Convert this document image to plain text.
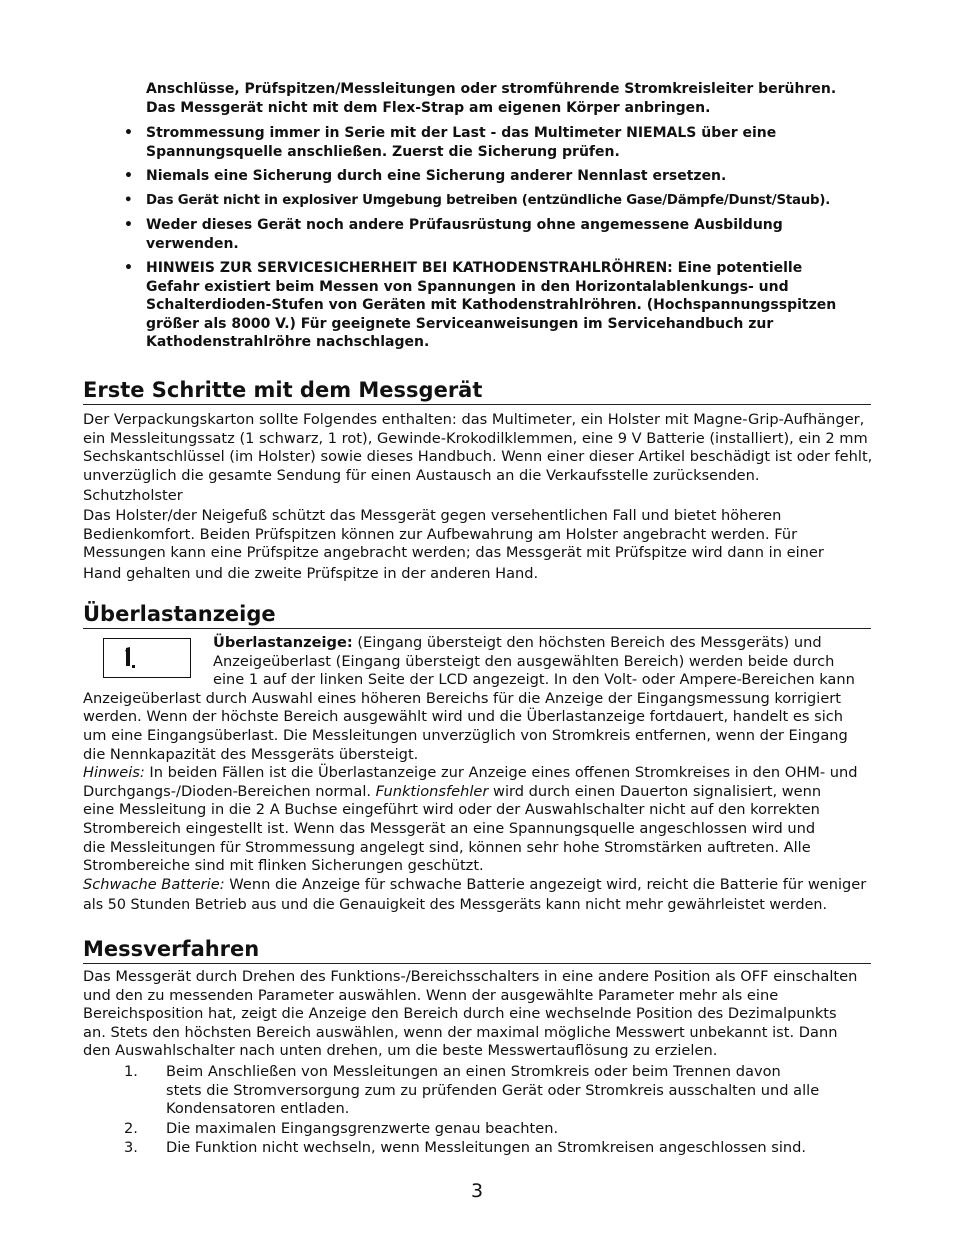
Anschlüsse, Prüfspitzen/Messleitungen oder stromführende Stromkreisleiter berühren.
Das Messgerät nicht mit dem Flex-Strap am eigenen Körper anbringen.
• Strommessung immer in Serie mit der Last - das Multimeter NIEMALS über eine
Spannungsquelle anschließen. Zuerst die Sicherung prüfen.
• Niemals eine Sicherung durch eine Sicherung anderer Nennlast ersetzen.
• Das Gerät nicht in explosiver Umgebung betreiben (entzündliche Gase/Dämpfe/Dunst/Staub).
• Weder dieses Gerät noch andere Prüfausrüstung ohne angemessene Ausbildung
verwenden.
• HINWEIS ZUR SERVICESICHERHEIT BEI KATHODENSTRAHLRÖHREN: Eine potentielle
Gefahr existiert beim Messen von Spannungen in den Horizontalablenkungs- und
Schalterdioden-Stufen von Geräten mit Kathodenstrahlröhren. (Hochspannungsspitzen
größer als 8000 V.) Für geeignete Serviceanweisungen im Servicehandbuch zur
Kathodenstrahlröhre nachschlagen.
Erste Schritte mit dem Messgerät
Der Verpackungskarton sollte Folgendes enthalten: das Multimeter, ein Holster mit Magne-Grip-Aufhänger,
ein Messleitungssatz (1 schwarz, 1 rot), Gewinde-Krokodilklemmen, eine 9 V Batterie (installiert), ein 2 mm
Sechskantschlüssel (im Holster) sowie dieses Handbuch. Wenn einer dieser Artikel beschädigt ist oder fehlt,
unverzüglich die gesamte Sendung für einen Austausch an die Verkaufsstelle zurücksenden.
Schutzholster
Das Holster/der Neigefuß schützt das Messgerät gegen versehentlichen Fall und bietet höheren
Bedienkomfort. Beiden Prüfspitzen können zur Aufbewahrung am Holster angebracht werden. Für
Messungen kann eine Prüfspitze angebracht werden; das Messgerät mit Prüfspitze wird dann in einer
Hand gehalten und die zweite Prüfspitze in der anderen Hand.
Überlastanzeige
Überlastanzeige: (Eingang übersteigt den höchsten Bereich des Messgeräts) und
Anzeigeüberlast (Eingang übersteigt den ausgewählten Bereich) werden beide durch
eine 1 auf der linken Seite der LCD angezeigt. In den Volt- oder Ampere-Bereichen kann
Anzeigeüberlast durch Auswahl eines höheren Bereichs für die Anzeige der Eingangsmessung korrigiert
werden. Wenn der höchste Bereich ausgewählt wird und die Überlastanzeige fortdauert, handelt es sich
um eine Eingangsüberlast. Die Messleitungen unverzüglich von Stromkreis entfernen, wenn der Eingang
die Nennkapazität des Messgeräts übersteigt.
Hinweis: In beiden Fällen ist die Überlastanzeige zur Anzeige eines offenen Stromkreises in den OHM- und
Durchgangs-/Dioden-Bereichen normal. Funktionsfehler wird durch einen Dauerton signalisiert, wenn
eine Messleitung in die 2 A Buchse eingeführt wird oder der Auswahlschalter nicht auf den korrekten
Strombereich eingestellt ist. Wenn das Messgerät an eine Spannungsquelle angeschlossen wird und
die Messleitungen für Strommessung angelegt sind, können sehr hohe Stromstärken auftreten. Alle
Strombereiche sind mit flinken Sicherungen geschützt.
Schwache Batterie: Wenn die Anzeige für schwache Batterie angezeigt wird, reicht die Batterie für weniger
als 50 Stunden Betrieb aus und die Genauigkeit des Messgeräts kann nicht mehr gewährleistet werden.
Messverfahren
Das Messgerät durch Drehen des Funktions-/Bereichsschalters in eine andere Position als OFF einschalten
und den zu messenden Parameter auswählen. Wenn der ausgewählte Parameter mehr als eine
Bereichsposition hat, zeigt die Anzeige den Bereich durch eine wechselnde Position des Dezimalpunkts
an. Stets den höchsten Bereich auswählen, wenn der maximal mögliche Messwert unbekannt ist. Dann
den Auswahlschalter nach unten drehen, um die beste Messwertauflösung zu erzielen.
1. Beim Anschließen von Messleitungen an einen Stromkreis oder beim Trennen davon
stets die Stromversorgung zum zu prüfenden Gerät oder Stromkreis ausschalten und alle
Kondensatoren entladen.
2. Die maximalen Eingangsgrenzwerte genau beachten.
3. Die Funktion nicht wechseln, wenn Messleitungen an Stromkreisen angeschlossen sind.
3
